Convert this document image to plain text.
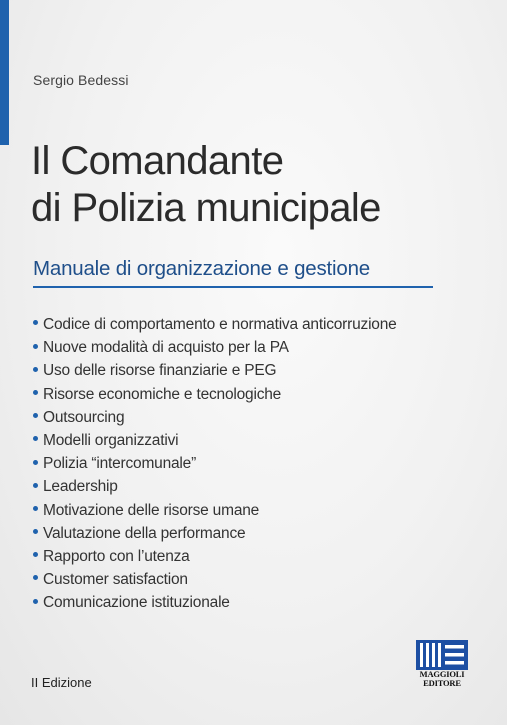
Sergio Bedessi
Il Comandante
di Polizia municipale
Manuale di organizzazione e gestione
Codice di comportamento e normativa anticorruzione
Nuove modalità di acquisto per la PA
Uso delle risorse finanziarie e PEG
Risorse economiche e tecnologiche
Outsourcing
Modelli organizzativi
Polizia “intercomunale”
Leadership
Motivazione delle risorse umane
Valutazione della performance
Rapporto con l’utenza
Customer satisfaction
Comunicazione istituzionale
II Edizione
MAGGIOLI
EDITORE
